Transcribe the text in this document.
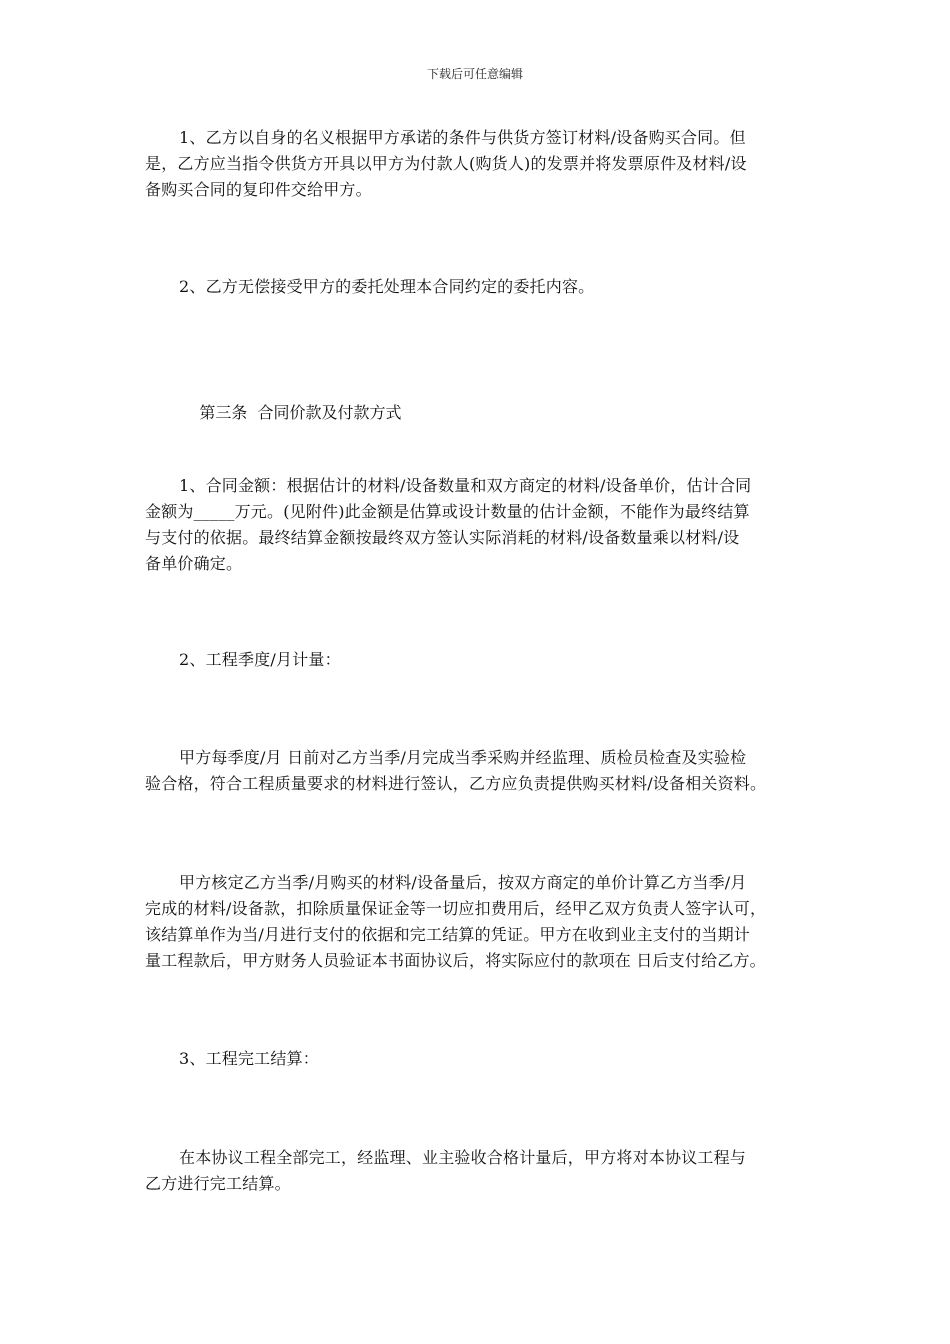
下载后可任意编辑

1、乙方以自身的名义根据甲方承诺的条件与供货方签订材料/设备购买合同。但
是，乙方应当指令供货方开具以甲方为付款人(购货人)的发票并将发票原件及材料/设
备购买合同的复印件交给甲方。

2、乙方无偿接受甲方的委托处理本合同约定的委托内容。

第三条  合同价款及付款方式

1、合同金额：根据估计的材料/设备数量和双方商定的材料/设备单价，估计合同
金额为_____万元。(见附件)此金额是估算或设计数量的估计金额，不能作为最终结算
与支付的依据。最终结算金额按最终双方签认实际消耗的材料/设备数量乘以材料/设
备单价确定。

2、工程季度/月计量：

甲方每季度/月 日前对乙方当季/月完成当季采购并经监理、质检员检查及实验检
验合格，符合工程质量要求的材料进行签认，乙方应负责提供购买材料/设备相关资料。

甲方核定乙方当季/月购买的材料/设备量后，按双方商定的单价计算乙方当季/月
完成的材料/设备款，扣除质量保证金等一切应扣费用后，经甲乙双方负责人签字认可，
该结算单作为当/月进行支付的依据和完工结算的凭证。甲方在收到业主支付的当期计
量工程款后，甲方财务人员验证本书面协议后，将实际应付的款项在 日后支付给乙方。

3、工程完工结算：

在本协议工程全部完工，经监理、业主验收合格计量后，甲方将对本协议工程与
乙方进行完工结算。
